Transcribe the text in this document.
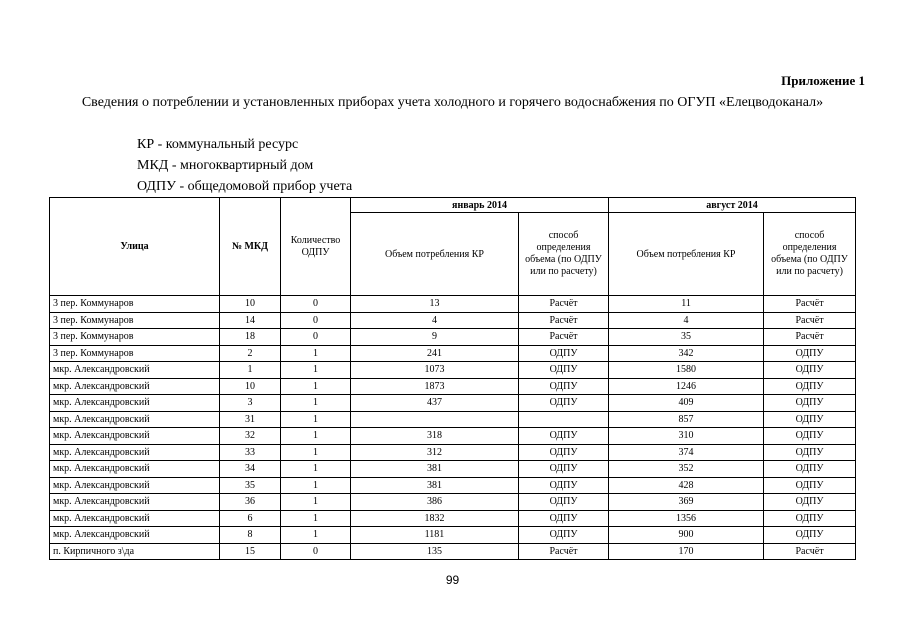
Приложение 1
Сведения о потреблении и установленных приборах учета холодного и горячего водоснабжения по ОГУП «Елецводоканал»
КР - коммунальный ресурс
МКД - многоквартирный дом
ОДПУ - общедомовой прибор учета
Улица	№ МКД	Количество ОДПУ	январь 2014		август 2014	
			Объем потребления КР	способ определения объема (по ОДПУ или по расчету)	Объем потребления КР	способ определения объема (по ОДПУ или по расчету)
3 пер. Коммунаров	10	0	13	Расчёт	11	Расчёт
3 пер. Коммунаров	14	0	4	Расчёт	4	Расчёт
3 пер. Коммунаров	18	0	9	Расчёт	35	Расчёт
3 пер. Коммунаров	2	1	241	ОДПУ	342	ОДПУ
мкр. Александровский	1	1	1073	ОДПУ	1580	ОДПУ
мкр. Александровский	10	1	1873	ОДПУ	1246	ОДПУ
мкр. Александровский	3	1	437	ОДПУ	409	ОДПУ
мкр. Александровский	31	1			857	ОДПУ
мкр. Александровский	32	1	318	ОДПУ	310	ОДПУ
мкр. Александровский	33	1	312	ОДПУ	374	ОДПУ
мкр. Александровский	34	1	381	ОДПУ	352	ОДПУ
мкр. Александровский	35	1	381	ОДПУ	428	ОДПУ
мкр. Александровский	36	1	386	ОДПУ	369	ОДПУ
мкр. Александровский	6	1	1832	ОДПУ	1356	ОДПУ
мкр. Александровский	8	1	1181	ОДПУ	900	ОДПУ
п. Кирпичного з\да	15	0	135	Расчёт	170	Расчёт
99
